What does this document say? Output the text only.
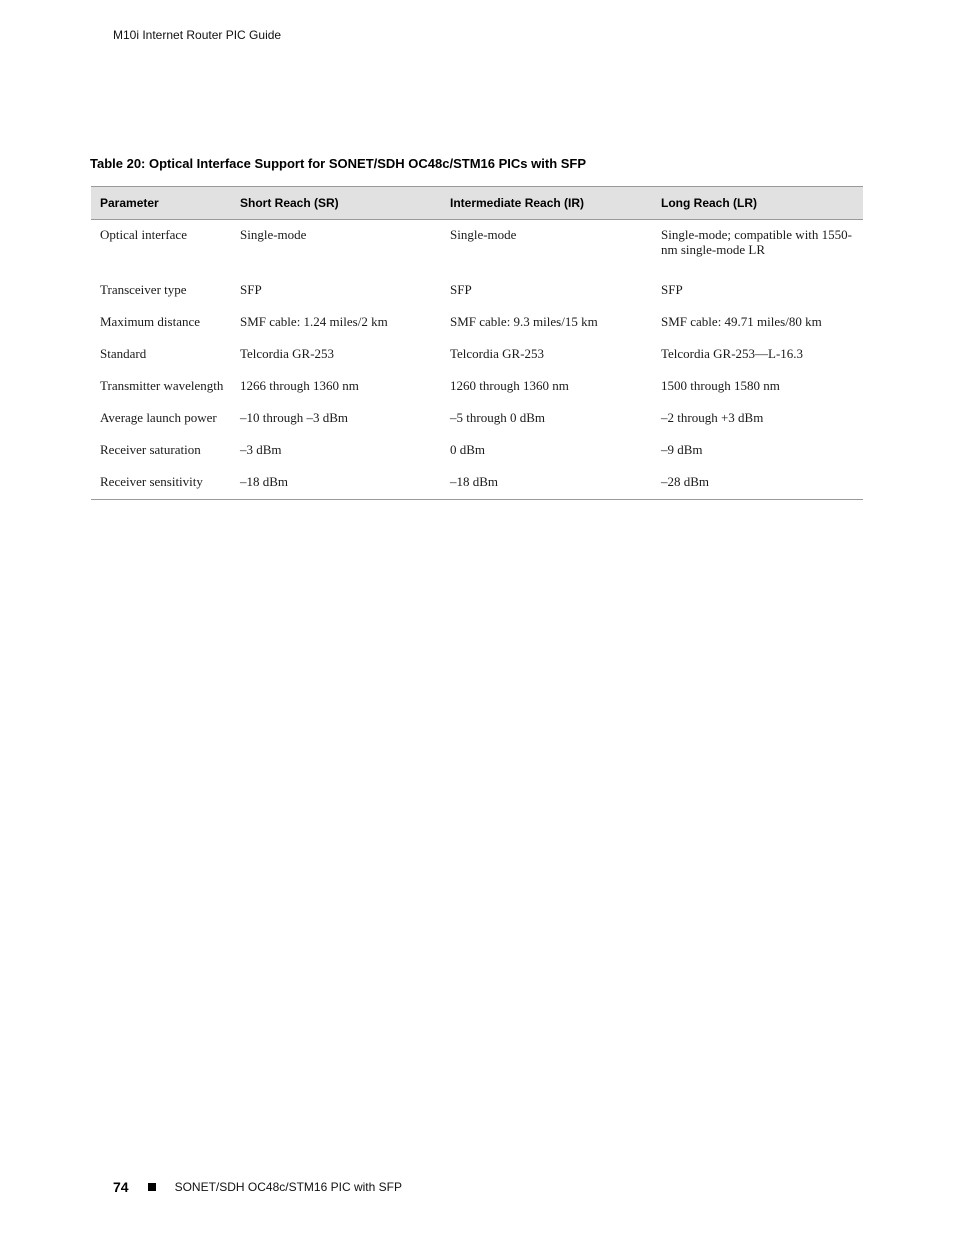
M10i Internet Router PIC Guide
Table 20: Optical Interface Support for SONET/SDH OC48c/STM16 PICs with SFP
Parameter	Short Reach (SR)	Intermediate Reach (IR)	Long Reach (LR)
Optical interface	Single-mode	Single-mode	Single-mode; compatible with 1550-nm single-mode LR
Transceiver type	SFP	SFP	SFP
Maximum distance	SMF cable: 1.24 miles/2 km	SMF cable: 9.3 miles/15 km	SMF cable: 49.71 miles/80 km
Standard	Telcordia GR-253	Telcordia GR-253	Telcordia GR-253—L-16.3
Transmitter wavelength	1266 through 1360 nm	1260 through 1360 nm	1500 through 1580 nm
Average launch power	–10 through –3 dBm	–5 through 0 dBm	–2 through +3 dBm
Receiver saturation	–3 dBm	0 dBm	–9 dBm
Receiver sensitivity	–18 dBm	–18 dBm	–28 dBm
74	SONET/SDH OC48c/STM16 PIC with SFP
